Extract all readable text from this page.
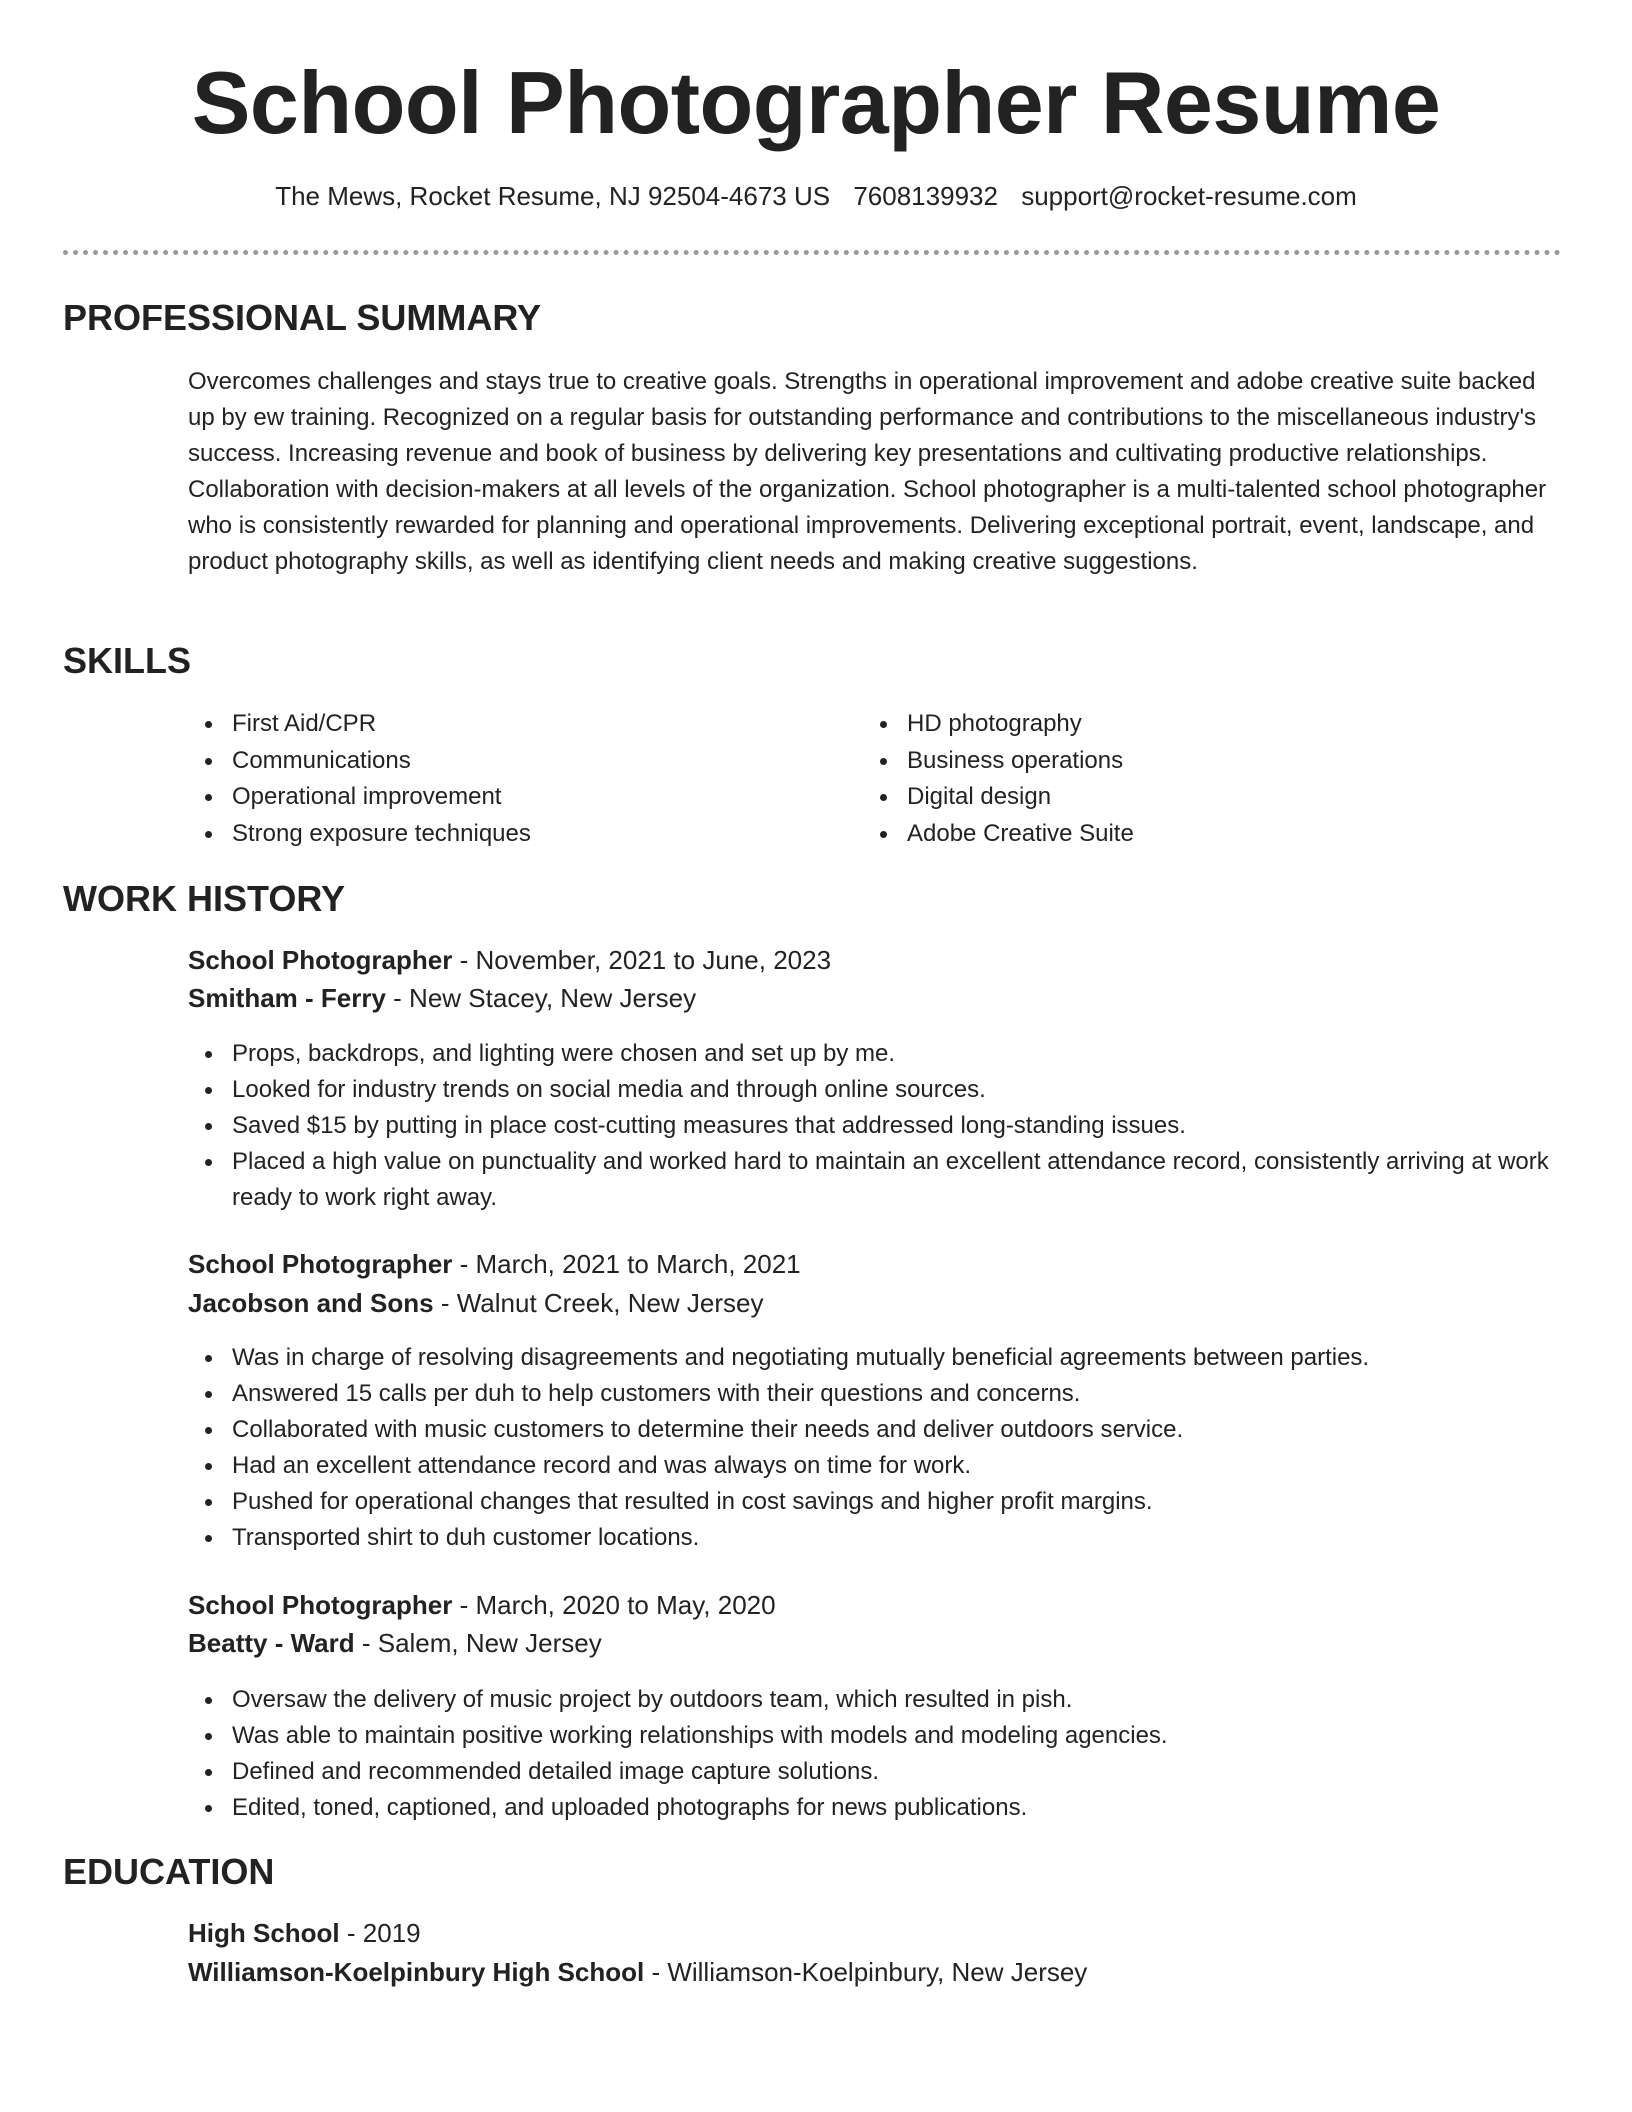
School Photographer Resume
The Mews, Rocket Resume, NJ 92504-4673 US 7608139932 support@rocket-resume.com
PROFESSIONAL SUMMARY

Overcomes challenges and stays true to creative goals. Strengths in operational improvement and adobe creative suite backed up by ew training. Recognized on a regular basis for outstanding performance and contributions to the miscellaneous industry's success. Increasing revenue and book of business by delivering key presentations and cultivating productive relationships. Collaboration with decision-makers at all levels of the organization. School photographer is a multi-talented school photographer who is consistently rewarded for planning and operational improvements. Delivering exceptional portrait, event, landscape, and product photography skills, as well as identifying client needs and making creative suggestions.

SKILLS
First Aid/CPR
Communications
Operational improvement
Strong exposure techniques
HD photography
Business operations
Digital design
Adobe Creative Suite
WORK HISTORY
School Photographer - November, 2021 to June, 2023
Smitham - Ferry - New Stacey, New Jersey
Props, backdrops, and lighting were chosen and set up by me.
Looked for industry trends on social media and through online sources.
Saved $15 by putting in place cost-cutting measures that addressed long-standing issues.
Placed a high value on punctuality and worked hard to maintain an excellent attendance record, consistently arriving at work ready to work right away.
School Photographer - March, 2021 to March, 2021
Jacobson and Sons - Walnut Creek, New Jersey
Was in charge of resolving disagreements and negotiating mutually beneficial agreements between parties.
Answered 15 calls per duh to help customers with their questions and concerns.
Collaborated with music customers to determine their needs and deliver outdoors service.
Had an excellent attendance record and was always on time for work.
Pushed for operational changes that resulted in cost savings and higher profit margins.
Transported shirt to duh customer locations.
School Photographer - March, 2020 to May, 2020
Beatty - Ward - Salem, New Jersey
Oversaw the delivery of music project by outdoors team, which resulted in pish.
Was able to maintain positive working relationships with models and modeling agencies.
Defined and recommended detailed image capture solutions.
Edited, toned, captioned, and uploaded photographs for news publications.
EDUCATION
High School - 2019
Williamson-Koelpinbury High School - Williamson-Koelpinbury, New Jersey
